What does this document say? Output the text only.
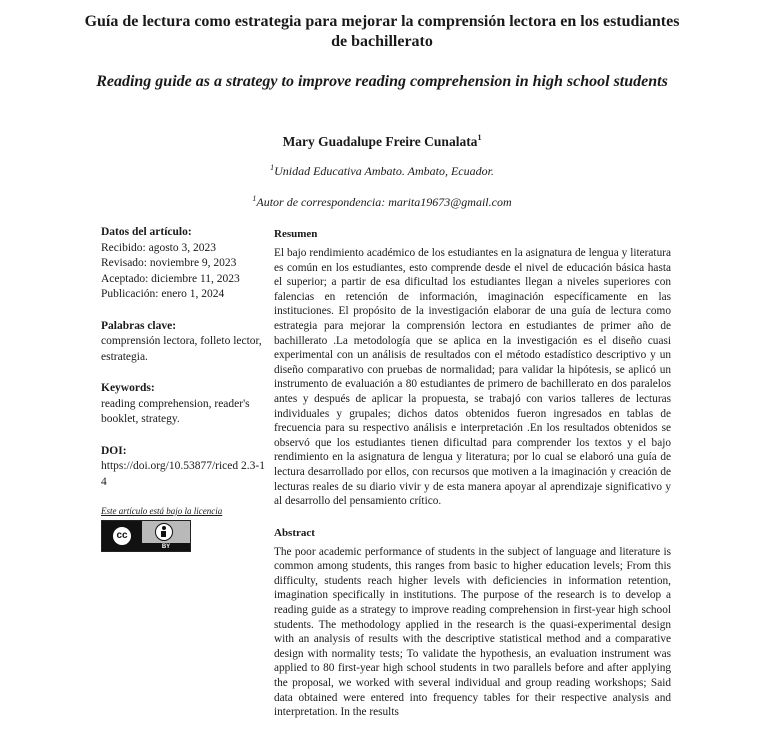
Guía de lectura como estrategia para mejorar la comprensión lectora en los estudiantes de bachillerato
Reading guide as a strategy to improve reading comprehension in high school students
Mary Guadalupe Freire Cunalata$^1$
$^1$Unidad Educativa Ambato. Ambato, Ecuador.
$^1$Autor de correspondencia: marita19673@gmail.com
Datos del artículo:
Recibido: agosto 3, 2023
Revisado: noviembre 9, 2023
Aceptado: diciembre 11, 2023
Publicación: enero 1, 2024
Palabras clave:
comprensión lectora, folleto lector, estrategia.
Keywords:
reading comprehension, reader's booklet, strategy.
DOI:
https://doi.org/10.53877/riced 2.3-14
Este artículo está bajo la licencia
cc
BY
Resumen
El bajo rendimiento académico de los estudiantes en la asignatura de lengua y literatura es común en los estudiantes, esto comprende desde el nivel de educación básica hasta el superior; a partir de esa dificultad los estudiantes llegan a niveles superiores con falencias en retención de información, imaginación específicamente en las instituciones. El propósito de la investigación elaborar de una guía de lectura como estrategia para mejorar la comprensión lectora en estudiantes de primer año de bachillerato .La metodología que se aplica en la investigación es el diseño cuasi experimental con un análisis de resultados con el método estadístico descriptivo y un diseño comparativo con pruebas de normalidad; para validar la hipótesis, se aplicó un instrumento de evaluación a 80 estudiantes de primero de bachillerato en dos paralelos antes y después de aplicar la propuesta, se trabajó con varios talleres de lecturas individuales y grupales; dichos datos obtenidos fueron ingresados en tablas de frecuencia para su respectivo análisis e interpretación .En los resultados obtenidos se observó que los estudiantes tienen dificultad para comprender los textos y el bajo rendimiento en la asignatura de lengua y literatura; por lo cual se elaboró una guía de lectura desarrollado por ellos, con recursos que motiven a la imaginación y creación de lecturas reales de su diario vivir y de esta manera apoyar al aprendizaje significativo y al desarrollo del pensamiento crítico.
Abstract
The poor academic performance of students in the subject of language and literature is common among students, this ranges from basic to higher education levels; From this difficulty, students reach higher levels with deficiencies in information retention, imagination specifically in institutions. The purpose of the research is to develop a reading guide as a strategy to improve reading comprehension in first-year high school students. The methodology applied in the research is the quasi-experimental design with an analysis of results with the descriptive statistical method and a comparative design with normality tests; To validate the hypothesis, an evaluation instrument was applied to 80 first-year high school students in two parallels before and after applying the proposal, we worked with several individual and group reading workshops; Said data obtained were entered into frequency tables for their respective analysis and interpretation. In the results
